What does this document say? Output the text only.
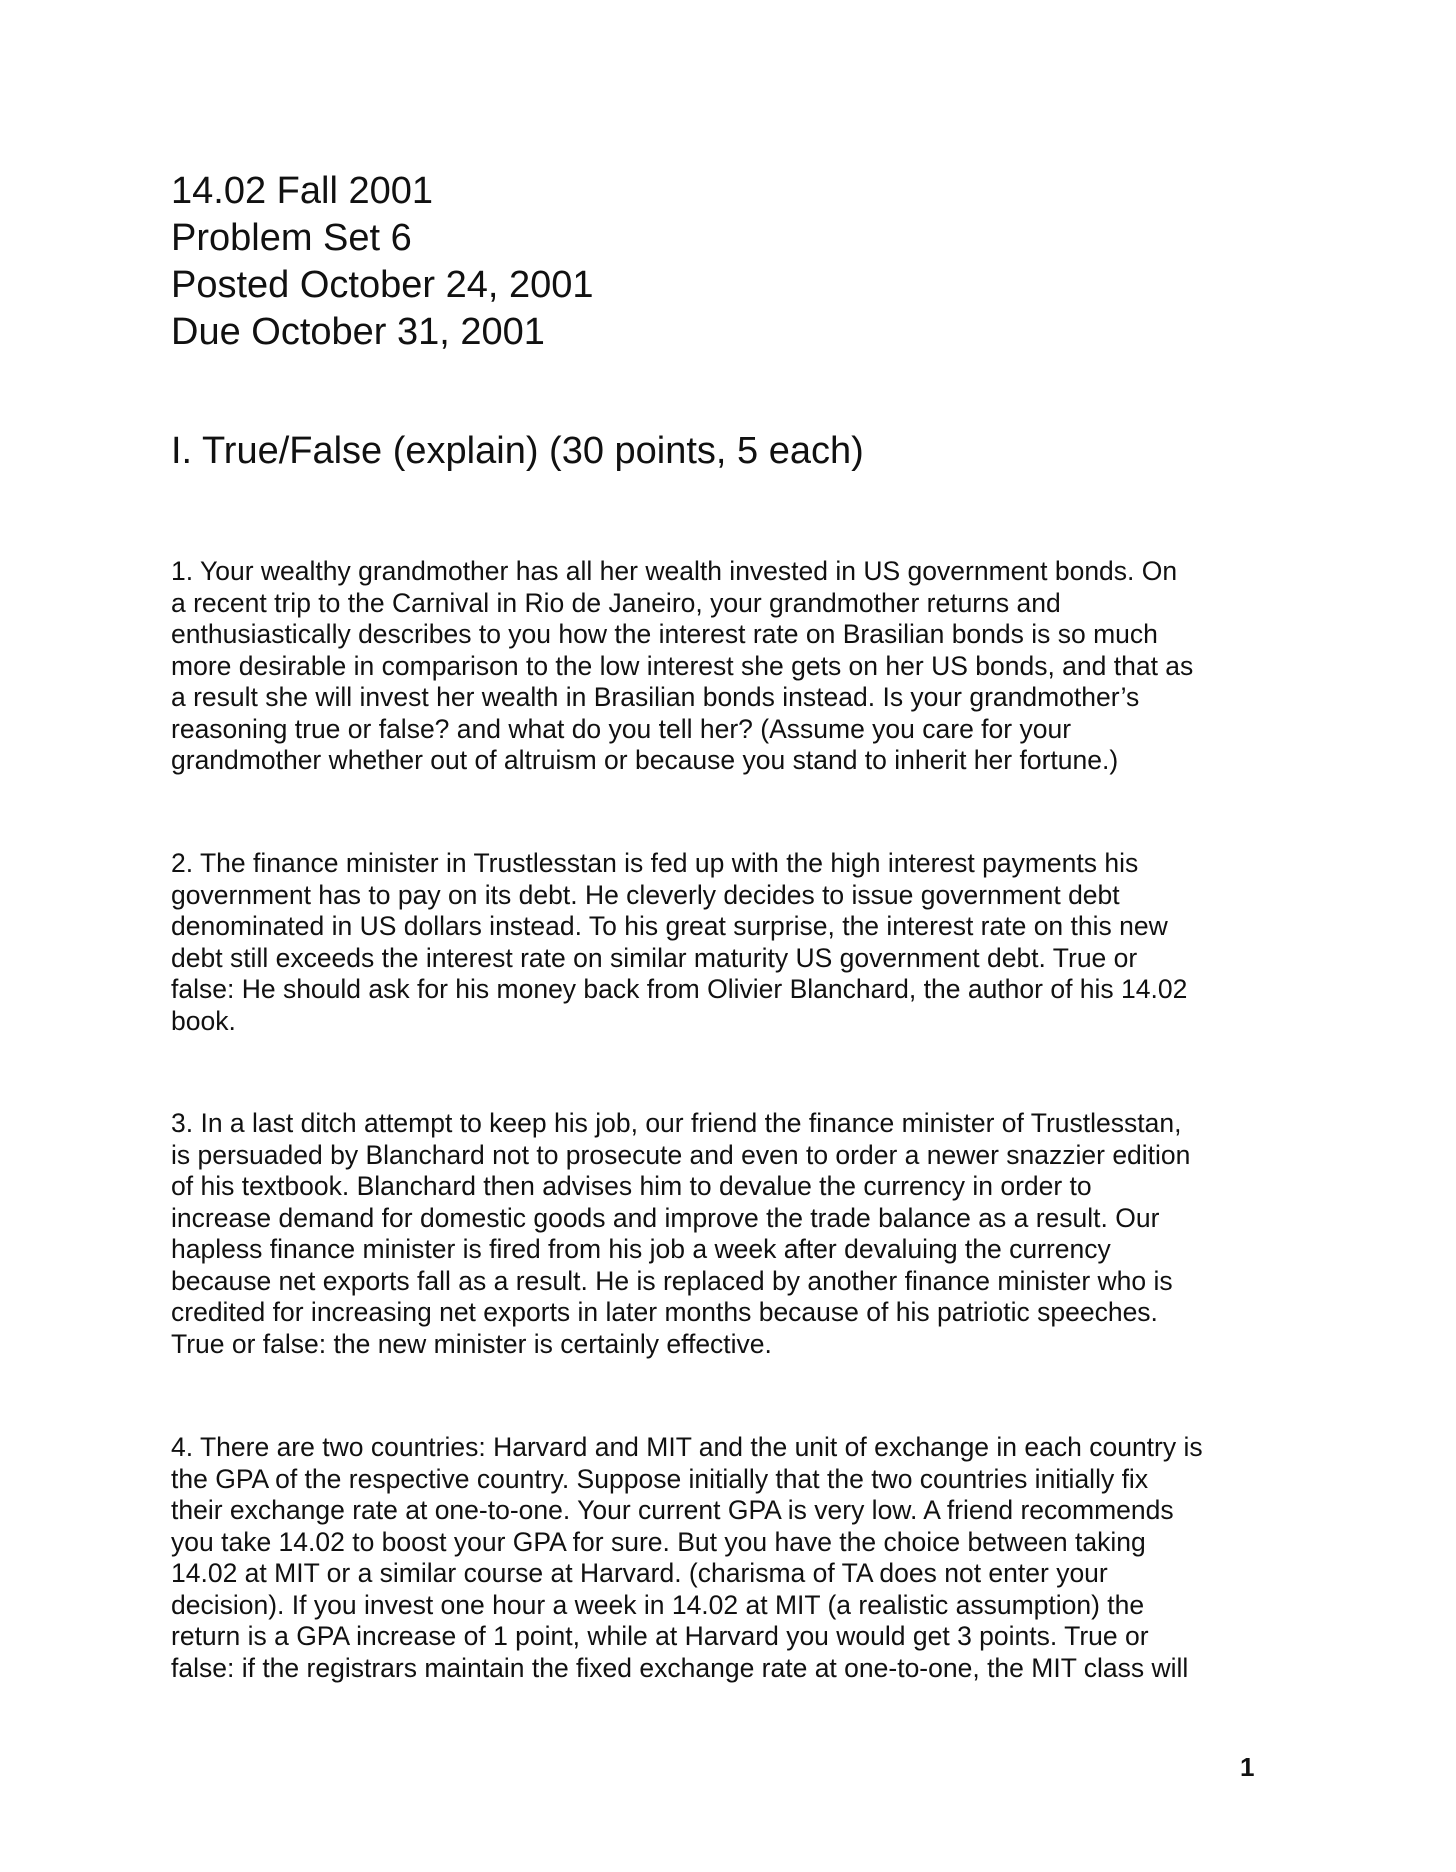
14.02 Fall 2001
Problem Set 6
Posted October 24, 2001
Due October 31, 2001
I. True/False (explain) (30 points, 5 each)
1. Your wealthy grandmother has all her wealth invested in US government bonds. On
a recent trip to the Carnival in Rio de Janeiro, your grandmother returns and
enthusiastically describes to you how the interest rate on Brasilian bonds is so much
more desirable in comparison to the low interest she gets on her US bonds, and that as
a result she will invest her wealth in Brasilian bonds instead. Is your grandmother’s
reasoning true or false? and what do you tell her? (Assume you care for your
grandmother whether out of altruism or because you stand to inherit her fortune.)
2. The finance minister in Trustlesstan is fed up with the high interest payments his
government has to pay on its debt. He cleverly decides to issue government debt
denominated in US dollars instead. To his great surprise, the interest rate on this new
debt still exceeds the interest rate on similar maturity US government debt. True or
false: He should ask for his money back from Olivier Blanchard, the author of his 14.02
book.
3. In a last ditch attempt to keep his job, our friend the finance minister of Trustlesstan,
is persuaded by Blanchard not to prosecute and even to order a newer snazzier edition
of his textbook. Blanchard then advises him to devalue the currency in order to
increase demand for domestic goods and improve the trade balance as a result. Our
hapless finance minister is fired from his job a week after devaluing the currency
because net exports fall as a result. He is replaced by another finance minister who is
credited for increasing net exports in later months because of his patriotic speeches.
True or false: the new minister is certainly effective.
4. There are two countries: Harvard and MIT and the unit of exchange in each country is
the GPA of the respective country. Suppose initially that the two countries initially fix
their exchange rate at one-to-one. Your current GPA is very low. A friend recommends
you take 14.02 to boost your GPA for sure. But you have the choice between taking
14.02 at MIT or a similar course at Harvard. (charisma of TA does not enter your
decision). If you invest one hour a week in 14.02 at MIT (a realistic assumption) the
return is a GPA increase of 1 point, while at Harvard you would get 3 points. True or
false: if the registrars maintain the fixed exchange rate at one-to-one, the MIT class will
1
